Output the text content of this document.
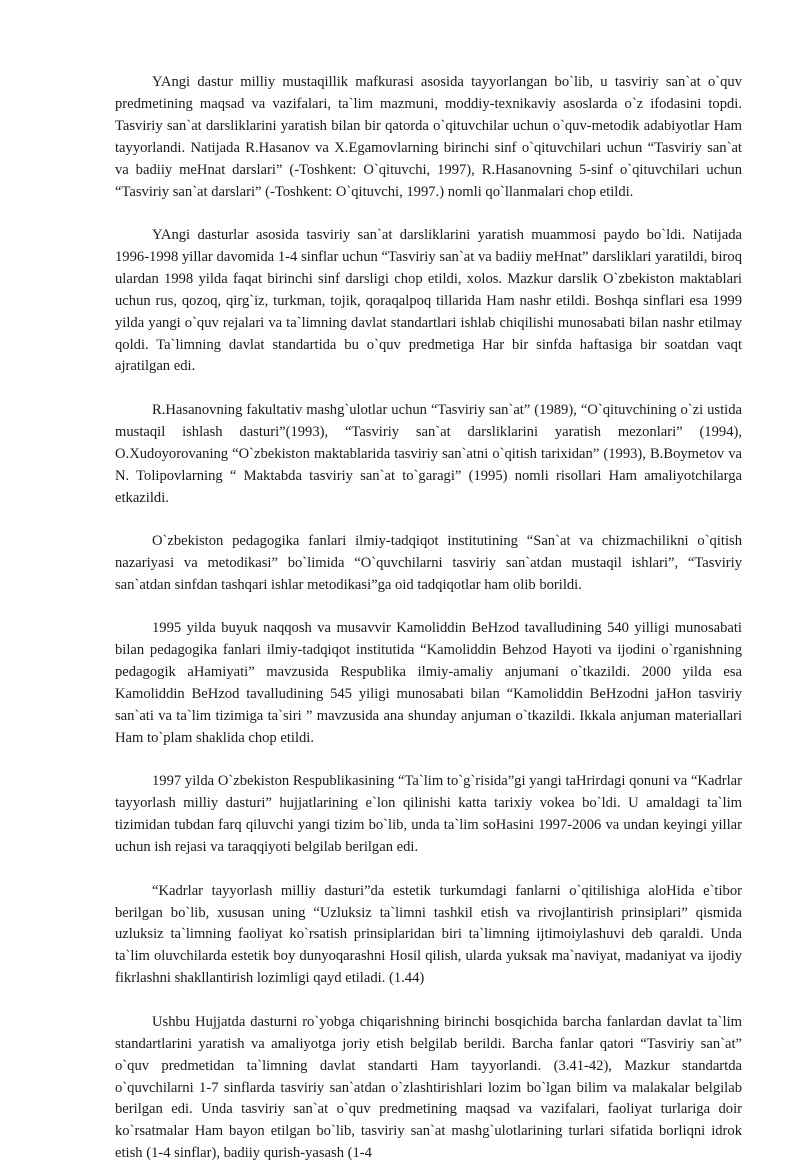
YAngi dastur milliy mustaqillik mafkurasi asosida tayyorlangan bo`lib, u tasviriy san`at o`quv predmetining maqsad va vazifalari, ta`lim mazmuni, moddiy-texnikaviy asoslarda o`z ifodasini topdi. Tasviriy san`at darsliklarini yaratish bilan bir qatorda o`qituvchilar uchun o`quv-metodik adabiyotlar Ham tayyorlandi. Natijada R.Hasanov va X.Egamovlarning birinchi sinf o`qituvchilari uchun “Tasviriy san`at va badiiy meHnat darslari” (-Toshkent: O`qituvchi, 1997), R.Hasanovning 5-sinf o`qituvchilari uchun “Tasviriy san`at darslari” (-Toshkent: O`qituvchi, 1997.) nomli qo`llanmalari chop etildi.

YAngi dasturlar asosida tasviriy san`at darsliklarini yaratish muammosi paydo bo`ldi. Natijada 1996-1998 yillar davomida 1-4 sinflar uchun “Tasviriy san`at va badiiy meHnat” darsliklari yaratildi, biroq ulardan 1998 yilda faqat birinchi sinf darsligi chop etildi, xolos. Mazkur darslik O`zbekiston maktablari uchun rus, qozoq, qirg`iz, turkman, tojik, qoraqalpoq tillarida Ham nashr etildi. Boshqa sinflari esa 1999 yilda yangi o`quv rejalari va ta`limning davlat standartlari ishlab chiqilishi munosabati bilan nashr etilmay qoldi. Ta`limning davlat standartida bu o`quv predmetiga Har bir sinfda haftasiga bir soatdan vaqt ajratilgan edi.

R.Hasanovning fakultativ mashg`ulotlar uchun “Tasviriy san`at” (1989), “O`qituvchining o`zi ustida mustaqil ishlash dasturi”(1993), “Tasviriy san`at darsliklarini yaratish mezonlari” (1994), O.Xudoyorovaning “O`zbekiston maktablarida tasviriy san`atni o`qitish tarixidan” (1993), B.Boymetov va N. Tolipovlarning “ Maktabda tasviriy san`at to`garagi” (1995) nomli risollari Ham amaliyotchilarga etkazildi.

O`zbekiston pedagogika fanlari ilmiy-tadqiqot institutining “San`at va chizmachilikni o`qitish nazariyasi va metodikasi” bo`limida “O`quvchilarni tasviriy san`atdan mustaqil ishlari”, “Tasviriy san`atdan sinfdan tashqari ishlar metodikasi”ga oid tadqiqotlar ham olib borildi.

1995 yilda buyuk naqqosh va musavvir Kamoliddin BeHzod tavalludining 540 yilligi munosabati bilan pedagogika fanlari ilmiy-tadqiqot institutida “Kamoliddin Behzod Hayoti va ijodini o`rganishning pedagogik aHamiyati” mavzusida Respublika ilmiy-amaliy anjumani o`tkazildi. 2000 yilda esa Kamoliddin BeHzod tavalludining 545 yiligi munosabati bilan “Kamoliddin BeHzodni jaHon tasviriy san`ati va ta`lim tizimiga ta`siri ” mavzusida ana shunday anjuman o`tkazildi. Ikkala anjuman materiallari Ham to`plam shaklida chop etildi.

1997 yilda O`zbekiston Respublikasining “Ta`lim to`g`risida”gi yangi taHrirdagi qonuni va “Kadrlar tayyorlash milliy dasturi” hujjatlarining e`lon qilinishi katta tarixiy vokea bo`ldi. U amaldagi ta`lim tizimidan tubdan farq qiluvchi yangi tizim bo`lib, unda ta`lim soHasini 1997-2006 va undan keyingi yillar uchun ish rejasi va taraqqiyoti belgilab berilgan edi.

“Kadrlar tayyorlash milliy dasturi”da estetik turkumdagi fanlarni o`qitilishiga aloHida e`tibor berilgan bo`lib, xususan uning “Uzluksiz ta`limni tashkil etish va rivojlantirish prinsiplari” qismida uzluksiz ta`limning faoliyat ko`rsatish prinsiplaridan biri ta`limning ijtimoiylashuvi deb qaraldi. Unda ta`lim oluvchilarda estetik boy dunyoqarashni Hosil qilish, ularda yuksak ma`naviyat, madaniyat va ijodiy fikrlashni shakllantirish lozimligi qayd etiladi. (1.44)

Ushbu Hujjatda dasturni ro`yobga chiqarishning birinchi bosqichida barcha fanlardan davlat ta`lim standartlarini yaratish va amaliyotga joriy etish belgilab berildi. Barcha fanlar qatori “Tasviriy san`at” o`quv predmetidan ta`limning davlat standarti Ham tayyorlandi. (3.41-42), Mazkur standartda o`quvchilarni 1-7 sinflarda tasviriy san`atdan o`zlashtirishlari lozim bo`lgan bilim va malakalar belgilab berilgan edi. Unda tasviriy san`at o`quv predmetining maqsad va vazifalari, faoliyat turlariga doir ko`rsatmalar Ham bayon etilgan bo`lib, tasviriy san`at mashg`ulotlarining turlari sifatida borliqni idrok etish (1-4 sinflar), badiiy qurish-yasash (1-4
